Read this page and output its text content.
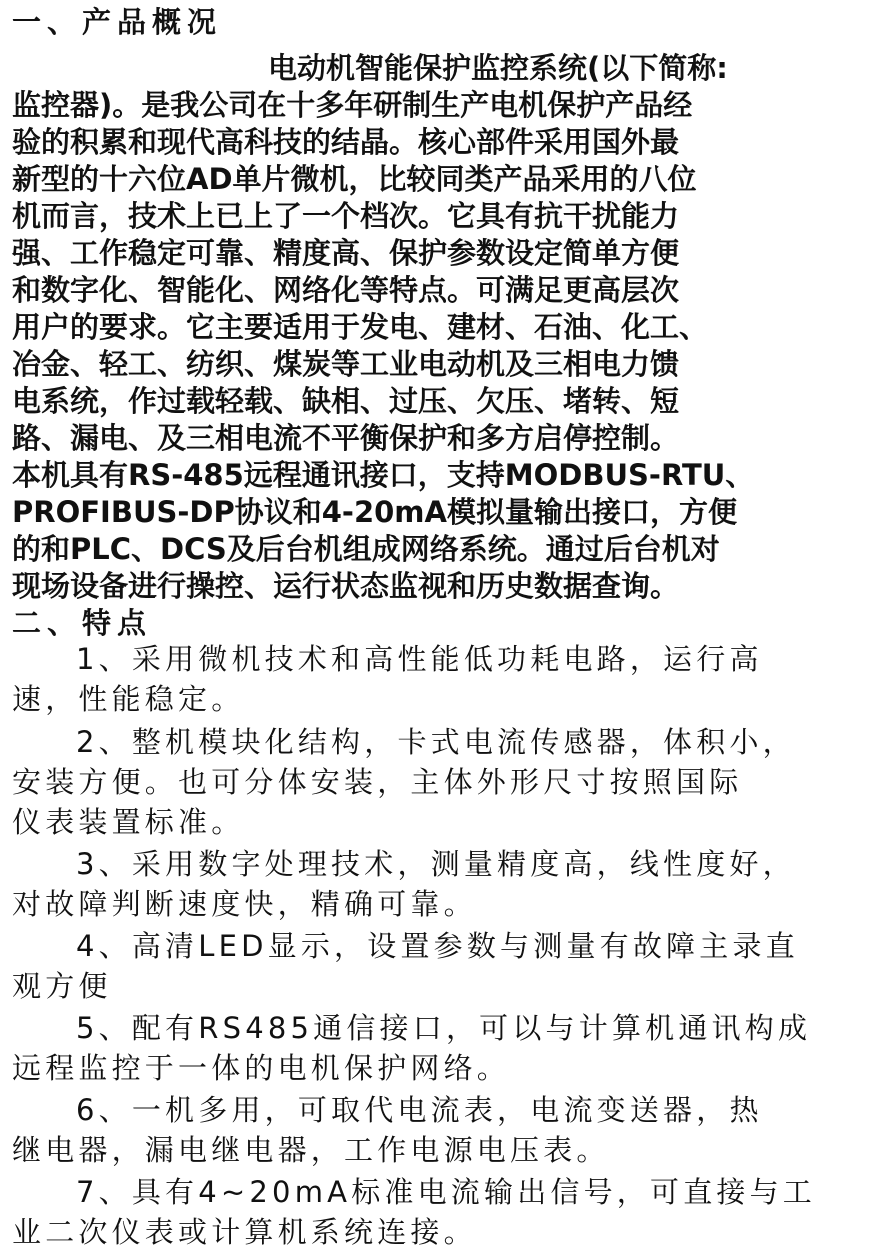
一、产品概况
电动机智能保护监控系统(以下简称:
监控器)。是我公司在十多年研制生产电机保护产品经
验的积累和现代高科技的结晶。核心部件采用国外最
新型的十六位AD单片微机，比较同类产品采用的八位
机而言，技术上已上了一个档次。它具有抗干扰能力
强、工作稳定可靠、精度高、保护参数设定简单方便
和数字化、智能化、网络化等特点。可满足更高层次
用户的要求。它主要适用于发电、建材、石油、化工、
冶金、轻工、纺织、煤炭等工业电动机及三相电力馈
电系统，作过载轻载、缺相、过压、欠压、堵转、短
路、漏电、及三相电流不平衡保护和多方启停控制。
本机具有RS-485远程通讯接口，支持MODBUS-RTU、
PROFIBUS-DP协议和4-20mA模拟量输出接口，方便
的和PLC、DCS及后台机组成网络系统。通过后台机对
现场设备进行操控、运行状态监视和历史数据查询。
二、特点
1、采用微机技术和高性能低功耗电路，运行高
速，性能稳定。
2、整机模块化结构，卡式电流传感器，体积小，
安装方便。也可分体安装，主体外形尺寸按照国际
仪表装置标准。
3、采用数字处理技术，测量精度高，线性度好，
对故障判断速度快，精确可靠。
4、高清LED显示，设置参数与测量有故障主录直
观方便
5、配有RS485通信接口，可以与计算机通讯构成
远程监控于一体的电机保护网络。
6、一机多用，可取代电流表，电流变送器，热
继电器，漏电继电器，工作电源电压表。
7、具有4~20mA标准电流输出信号，可直接与工
业二次仪表或计算机系统连接。
